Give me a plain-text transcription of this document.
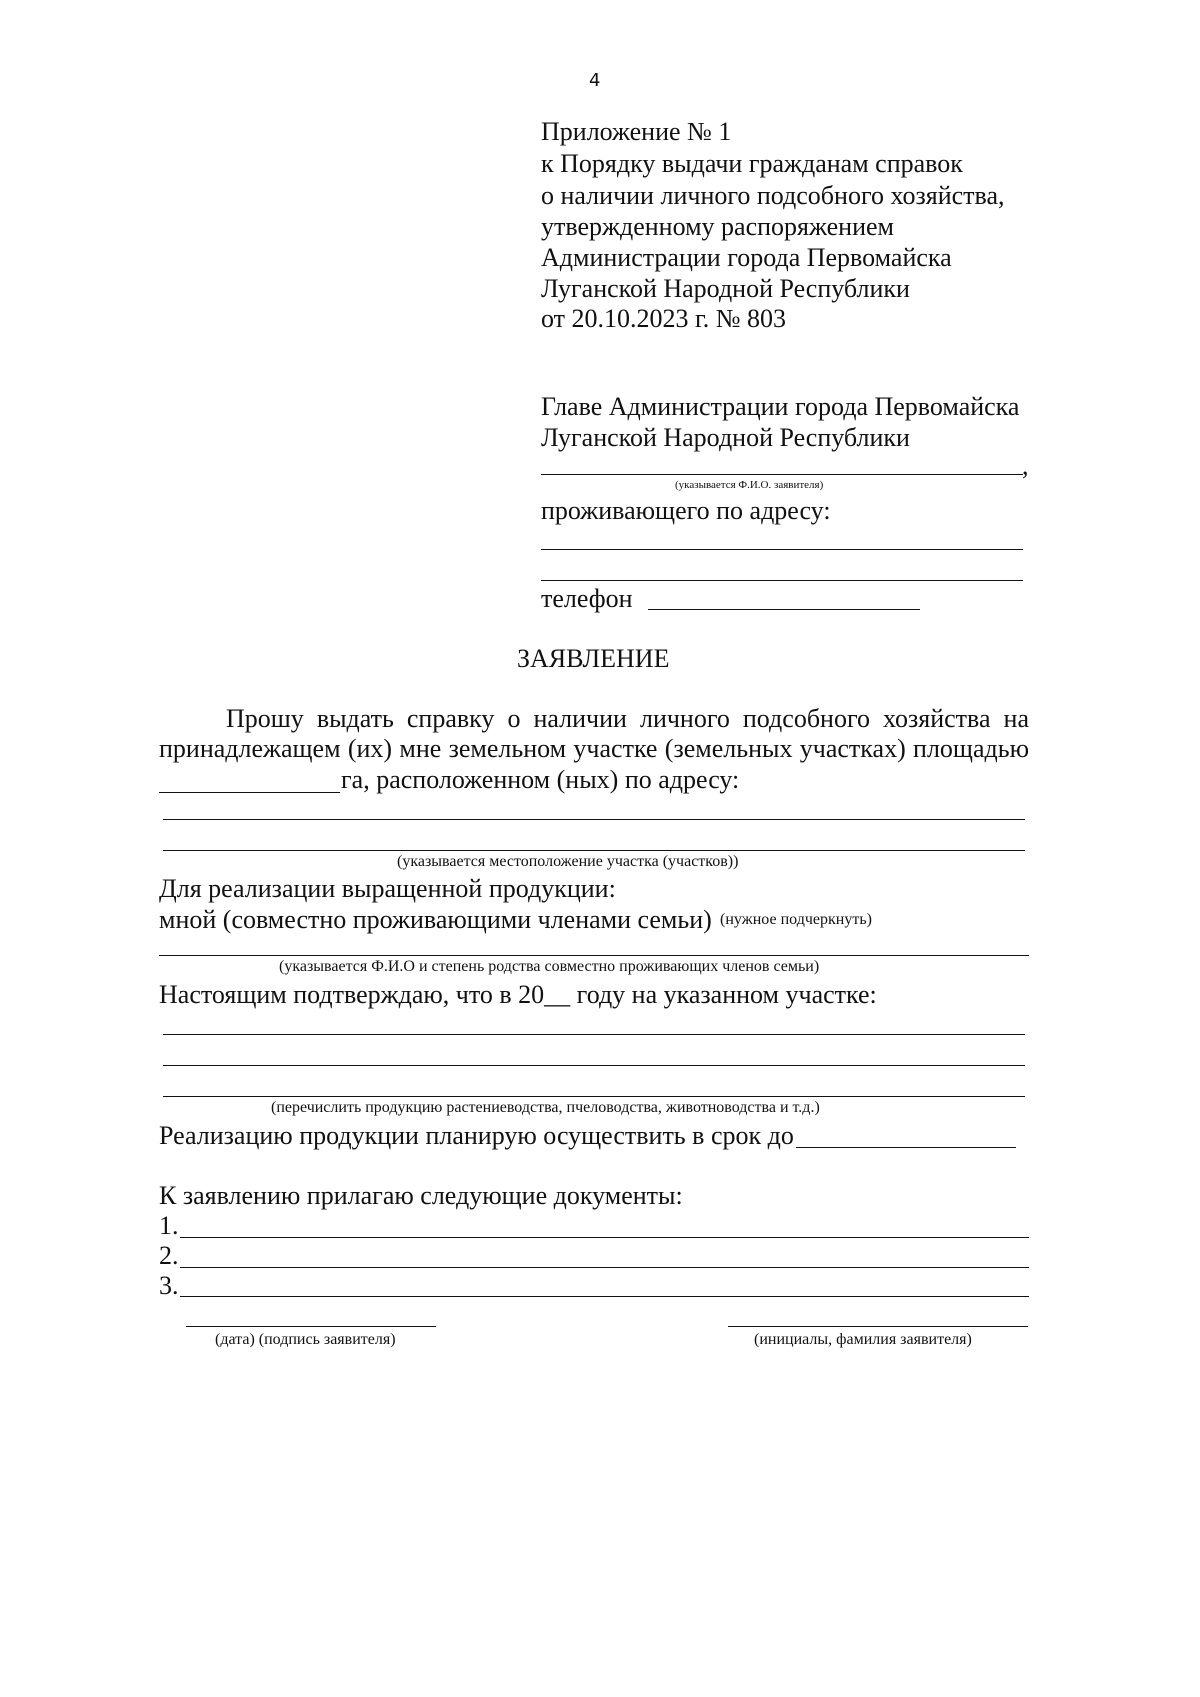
4
Приложение № 1
к Порядку выдачи гражданам справок
о наличии личного подсобного хозяйства,
утвержденному распоряжением
Администрации города Первомайска
Луганской Народной Республики
от 20.10.2023 г. № 803
Главе Администрации города Первомайска
Луганской Народной Республики
,
(указывается Ф.И.О. заявителя)
проживающего по адресу:
телефон
ЗАЯВЛЕНИЕ
Прошу выдать справку о наличии личного подсобного хозяйства на
принадлежащем (их) мне земельном участке (земельных участках) площадью
га, расположенном (ных) по адресу:
(указывается местоположение участка (участков))
Для реализации выращенной продукции:
мной (совместно проживающими членами семьи) (нужное подчеркнуть)
(указывается Ф.И.О и степень родства совместно проживающих членов семьи)
Настоящим подтверждаю, что в 20__ году на указанном участке:
(перечислить продукцию растениеводства, пчеловодства, животноводства и т.д.)
Реализацию продукции планирую осуществить в срок до
К заявлению прилагаю следующие документы:
1.
2.
3.
(дата) (подпись заявителя)	(инициалы, фамилия заявителя)
